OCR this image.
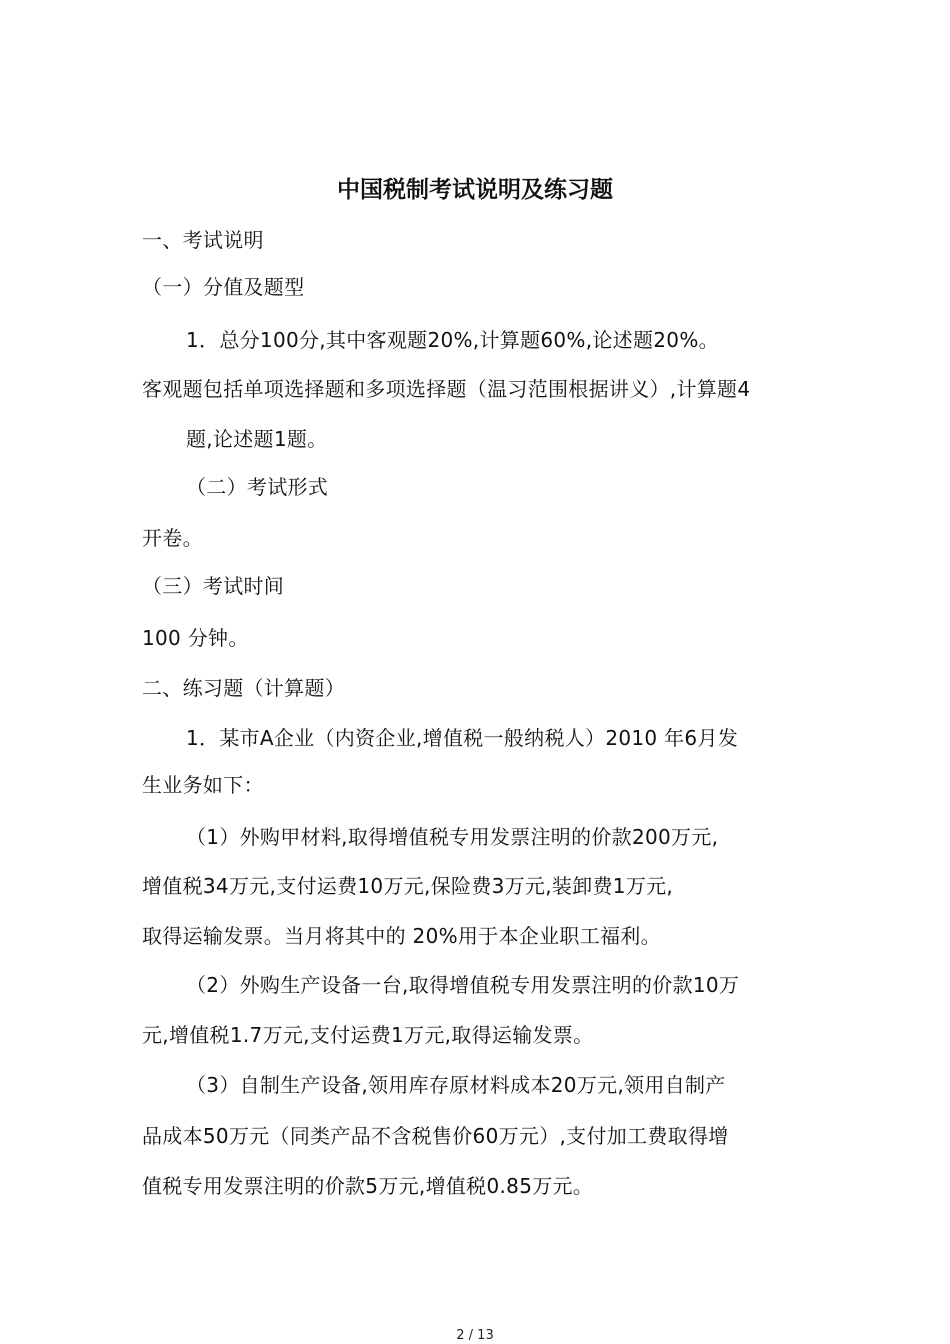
中国税制考试说明及练习题
一、考试说明
（一）分值及题型
1．总分100分,其中客观题20%,计算题60%,论述题20%。
客观题包括单项选择题和多项选择题（温习范围根据讲义）,计算题4
题,论述题1题。
（二）考试形式
开卷。
（三）考试时间
100 分钟。
二、练习题（计算题）
1．某市A企业（内资企业,增值税一般纳税人）2010 年6月发
生业务如下：
（1）外购甲材料,取得增值税专用发票注明的价款200万元,
增值税34万元,支付运费10万元,保险费3万元,装卸费1万元,
取得运输发票。当月将其中的 20%用于本企业职工福利。
（2）外购生产设备一台,取得增值税专用发票注明的价款10万
元,增值税1.7万元,支付运费1万元,取得运输发票。
（3）自制生产设备,领用库存原材料成本20万元,领用自制产
品成本50万元（同类产品不含税售价60万元）,支付加工费取得增
值税专用发票注明的价款5万元,增值税0.85万元。
2 / 13
